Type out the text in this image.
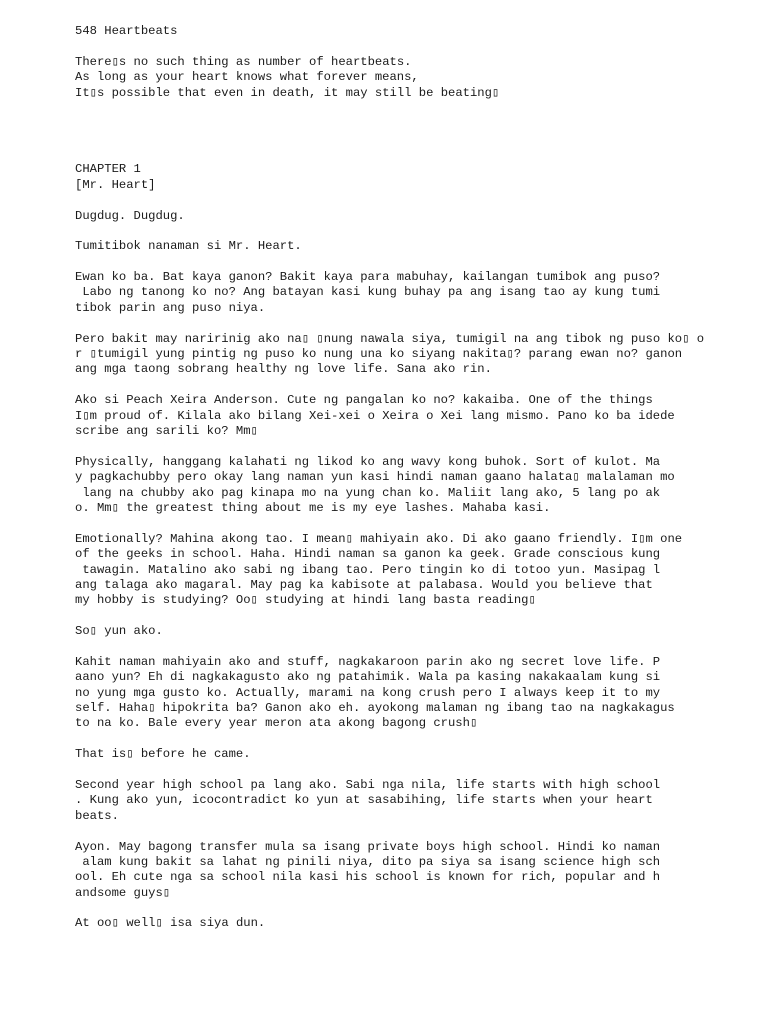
548 Heartbeats
There▯s no such thing as number of heartbeats.
As long as your heart knows what forever means,
It▯s possible that even in death, it may still be beating▯
CHAPTER 1
[Mr. Heart]
Dugdug. Dugdug.
Tumitibok nanaman si Mr. Heart.
Ewan ko ba. Bat kaya ganon? Bakit kaya para mabuhay, kailangan tumibok ang puso?
Labo ng tanong ko no? Ang batayan kasi kung buhay pa ang isang tao ay kung tumi
tibok parin ang puso niya.
Pero bakit may naririnig ako na▯ ▯nung nawala siya, tumigil na ang tibok ng puso ko▯ o
r ▯tumigil yung pintig ng puso ko nung una ko siyang nakita▯? parang ewan no? ganon
ang mga taong sobrang healthy ng love life. Sana ako rin.
Ako si Peach Xeira Anderson. Cute ng pangalan ko no? kakaiba. One of the things
I▯m proud of. Kilala ako bilang Xei-xei o Xeira o Xei lang mismo. Pano ko ba idede
scribe ang sarili ko? Mm▯
Physically, hanggang kalahati ng likod ko ang wavy kong buhok. Sort of kulot. Ma
y pagkachubby pero okay lang naman yun kasi hindi naman gaano halata▯ malalaman mo
lang na chubby ako pag kinapa mo na yung chan ko. Maliit lang ako, 5 lang po ak
o. Mm▯ the greatest thing about me is my eye lashes. Mahaba kasi.
Emotionally? Mahina akong tao. I mean▯ mahiyain ako. Di ako gaano friendly. I▯m one
of the geeks in school. Haha. Hindi naman sa ganon ka geek. Grade conscious kung
tawagin. Matalino ako sabi ng ibang tao. Pero tingin ko di totoo yun. Masipag l
ang talaga ako magaral. May pag ka kabisote at palabasa. Would you believe that
my hobby is studying? Oo▯ studying at hindi lang basta reading▯
So▯ yun ako.
Kahit naman mahiyain ako and stuff, nagkakaroon parin ako ng secret love life. P
aano yun? Eh di nagkakagusto ako ng patahimik. Wala pa kasing nakakaalam kung si
no yung mga gusto ko. Actually, marami na kong crush pero I always keep it to my
self. Haha▯ hipokrita ba? Ganon ako eh. ayokong malaman ng ibang tao na nagkakagus
to na ko. Bale every year meron ata akong bagong crush▯
That is▯ before he came.
Second year high school pa lang ako. Sabi nga nila, life starts with high school
. Kung ako yun, icocontradict ko yun at sasabihing, life starts when your heart
beats.
Ayon. May bagong transfer mula sa isang private boys high school. Hindi ko naman
alam kung bakit sa lahat ng pinili niya, dito pa siya sa isang science high sch
ool. Eh cute nga sa school nila kasi his school is known for rich, popular and h
andsome guys▯
At oo▯ well▯ isa siya dun.
